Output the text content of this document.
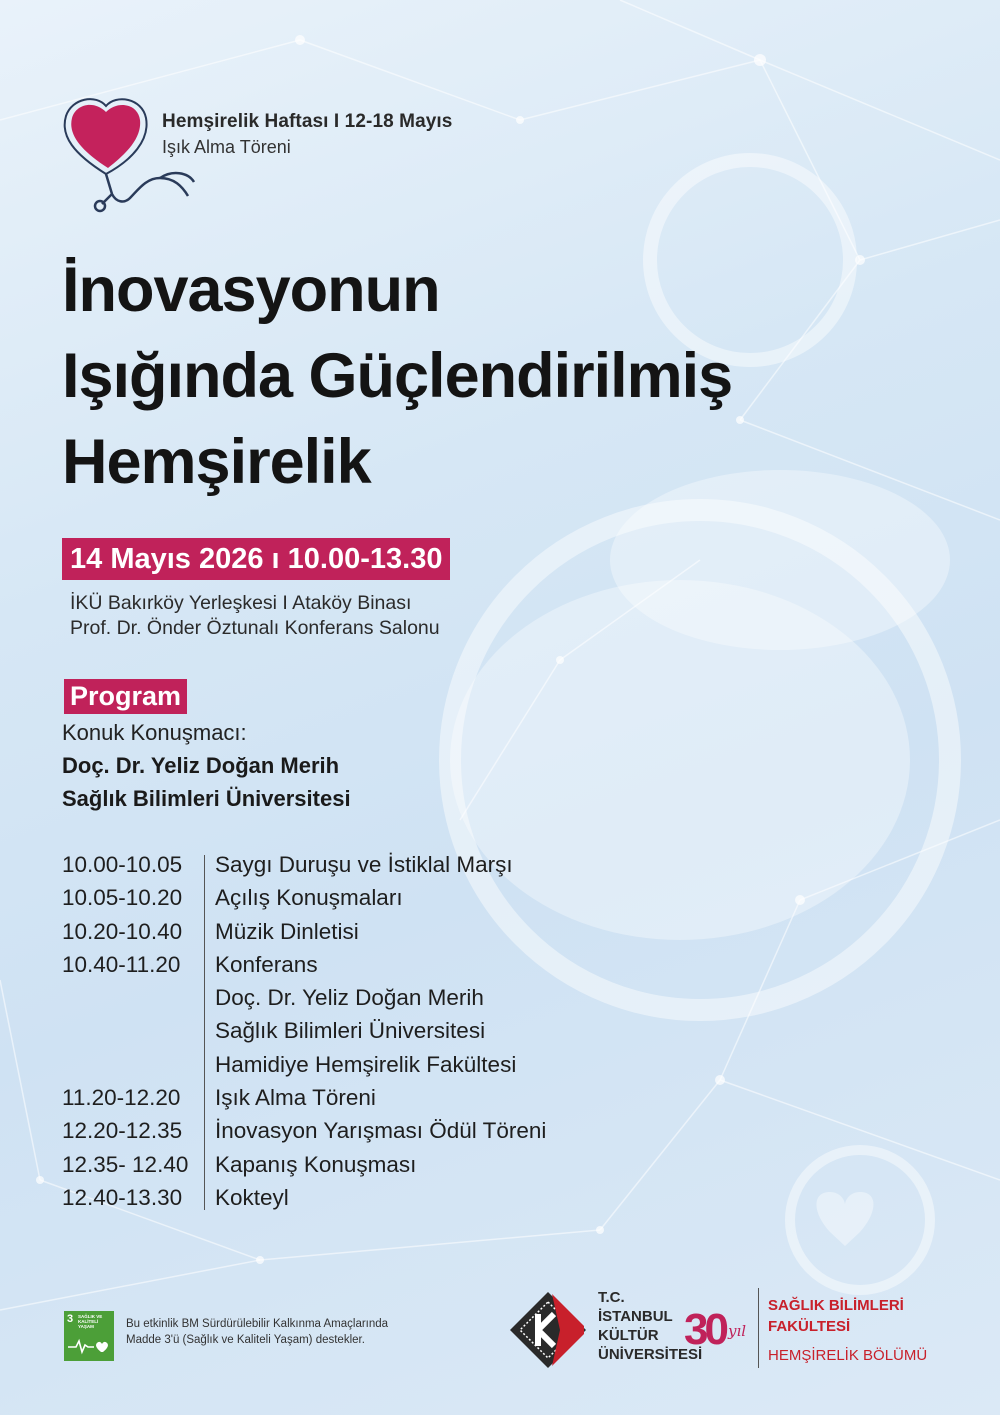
Hemşirelik Haftası I 12-18 Mayıs
Işık Alma Töreni
İnovasyonun
Işığında Güçlendirilmiş
Hemşirelik
14 Mayıs 2026 ı 10.00-13.30
İKÜ Bakırköy Yerleşkesi I Ataköy Binası
Prof. Dr. Önder Öztunalı Konferans Salonu
Program
Konuk Konuşmacı:
Doç. Dr. Yeliz Doğan Merih
Sağlık Bilimleri Üniversitesi
10.00-10.05 Saygı Duruşu ve İstiklal Marşı
10.05-10.20 Açılış Konuşmaları
10.20-10.40 Müzik Dinletisi
10.40-11.20 Konferans
Doç. Dr. Yeliz Doğan Merih
Sağlık Bilimleri Üniversitesi
Hamidiye Hemşirelik Fakültesi
11.20-12.20 Işık Alma Töreni
12.20-12.35 İnovasyon Yarışması Ödül Töreni
12.35- 12.40 Kapanış Konuşması
12.40-13.30 Kokteyl
3 SAĞLIK VE KALİTELİ YAŞAM	Bu etkinlik BM Sürdürülebilir Kalkınma Amaçlarında
Madde 3'ü (Sağlık ve Kaliteli Yaşam) destekler.
T.C.
İSTANBUL
KÜLTÜR
ÜNİVERSİTESİ
30 yıl
SAĞLIK BİLİMLERİ
FAKÜLTESİ
HEMŞİRELİK BÖLÜMÜ
